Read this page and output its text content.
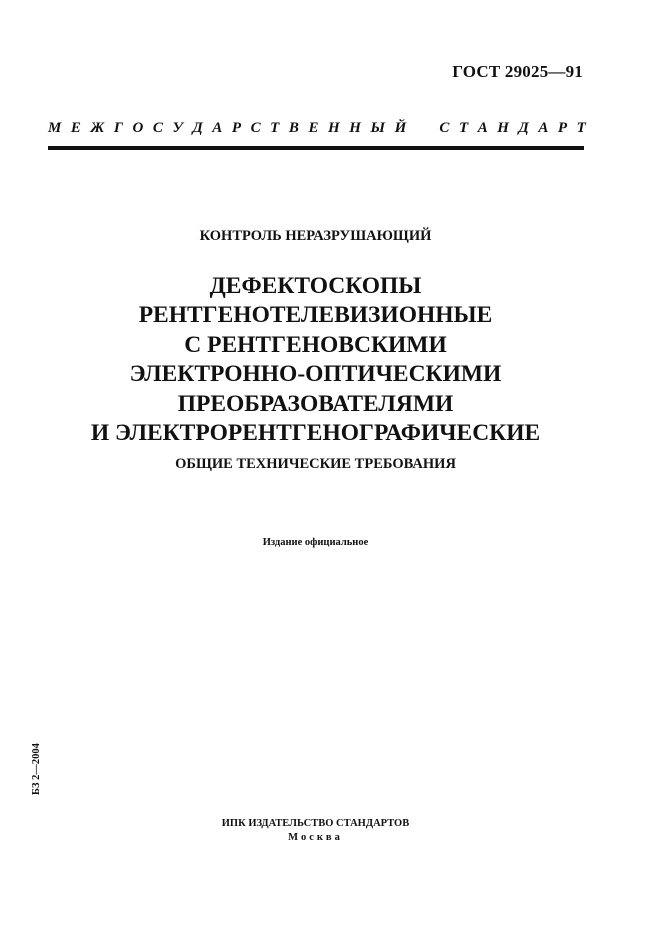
ГОСТ 29025—91
М Е Ж Г О С У Д А Р С Т В Е Н Н Ы Й С Т А Н Д А Р Т
КОНТРОЛЬ НЕРАЗРУШАЮЩИЙ
ДЕФЕКТОСКОПЫ
РЕНТГЕНОТЕЛЕВИЗИОННЫЕ
С РЕНТГЕНОВСКИМИ
ЭЛЕКТРОННО-ОПТИЧЕСКИМИ
ПРЕОБРАЗОВАТЕЛЯМИ
И ЭЛЕКТРОРЕНТГЕНОГРАФИЧЕСКИЕ
ОБЩИЕ ТЕХНИЧЕСКИЕ ТРЕБОВАНИЯ
Издание официальное
БЗ 2—2004
ИПК ИЗДАТЕЛЬСТВО СТАНДАРТОВ
Москва
